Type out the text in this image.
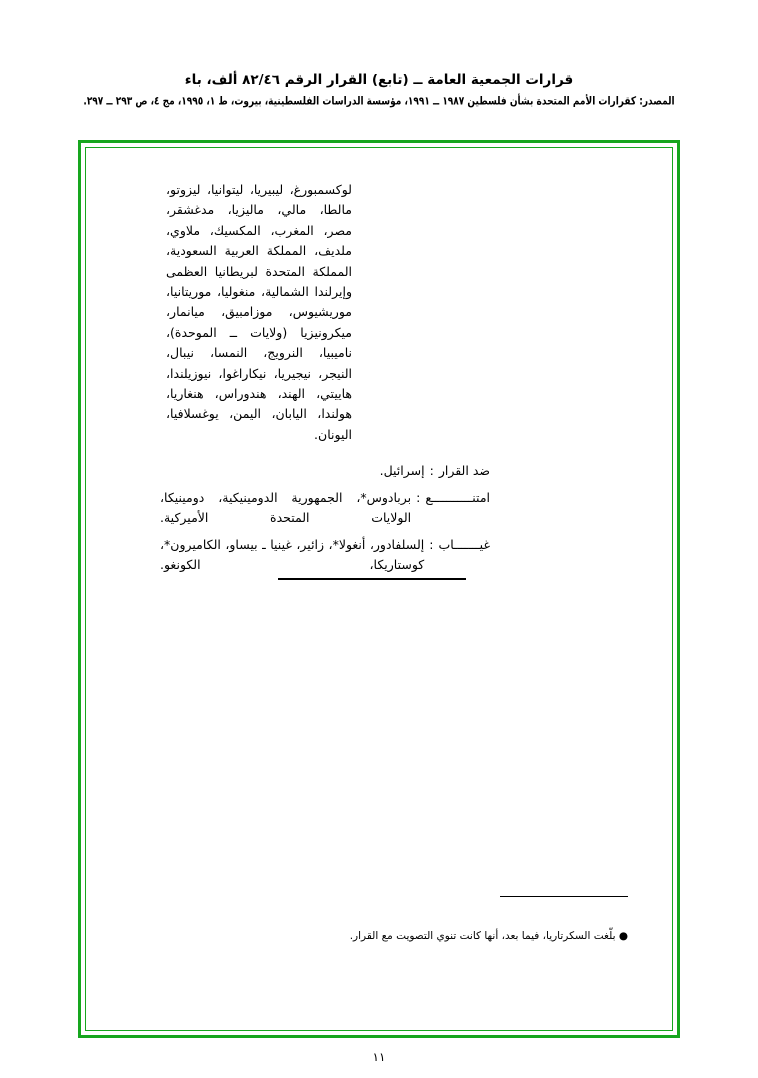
قرارات الجمعية العامة ــ (تابع) القرار الرقم ٨٢/٤٦ ألف، باء
المصدر: كقرارات الأمم المتحدة بشأن فلسطين ١٩٨٧ ــ ١٩٩١، مؤسسة الدراسات الفلسطينية، بيروت، ط ١، ١٩٩٥، مج ٤، ص ٢٩٣ ــ ٢٩٧.
لوكسمبورغ، ليبيريا، ليتوانيا، ليزوتو، مالطا، مالي، ماليزيا، مدغشقر، مصر، المغرب، المكسيك، ملاوي، ملديف، المملكة العربية السعودية، المملكة المتحدة لبريطانيا العظمى وإيرلندا الشمالية، منغوليا، موريتانيا، موريشيوس، موزامبيق، ميانمار، ميكرونيزيا (ولايات ــ الموحدة)، ناميبيا، النرويج، النمسا، نيبال، النيجر، نيجيريا، نيكاراغوا، نيوزيلندا، هاييتي، الهند، هندوراس، هنغاريا، هولندا، اليابان، اليمن، يوغسلافيا، اليونان.
ضد القرار
:
إسرائيل.
امتنـــــــــــع
:
بربادوس*، الجمهورية الدومينيكية، دومينيكا، الولايات المتحدة الأميركية.
غيـــــــاب
:
إلسلفادور، أنغولا*، زائير، غينيا ـ بيساو، الكاميرون*، كوستاريكا، الكونغو.
● بلّغت السكرتاريا، فيما بعد، أنها كانت تنوي التصويت مع القرار.
١١
